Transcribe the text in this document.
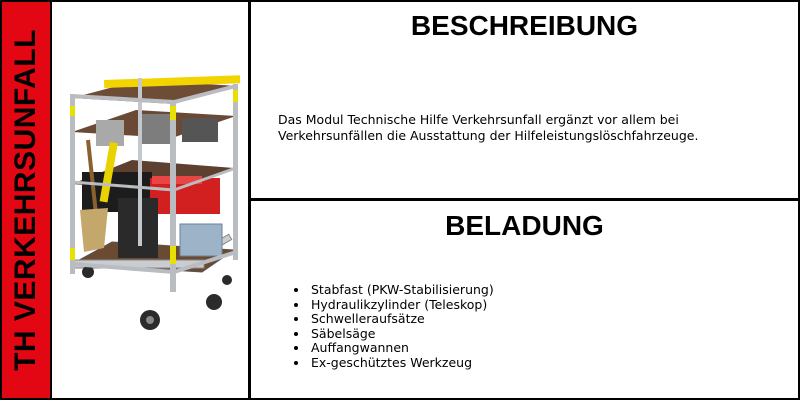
TH VERKEHRSUNFALL
BESCHREIBUNG

Das Modul Technische Hilfe Verkehrsunfall ergänzt vor allem bei Verkehrsunfällen die Ausstattung der Hilfeleistungslöschfahrzeuge.

BELADUNG
• Stabfast (PKW-Stabilisierung)
• Hydraulikzylinder (Teleskop)
• Schwelleraufsätze
• Säbelsäge
• Auffangwannen
• Ex-geschütztes Werkzeug
